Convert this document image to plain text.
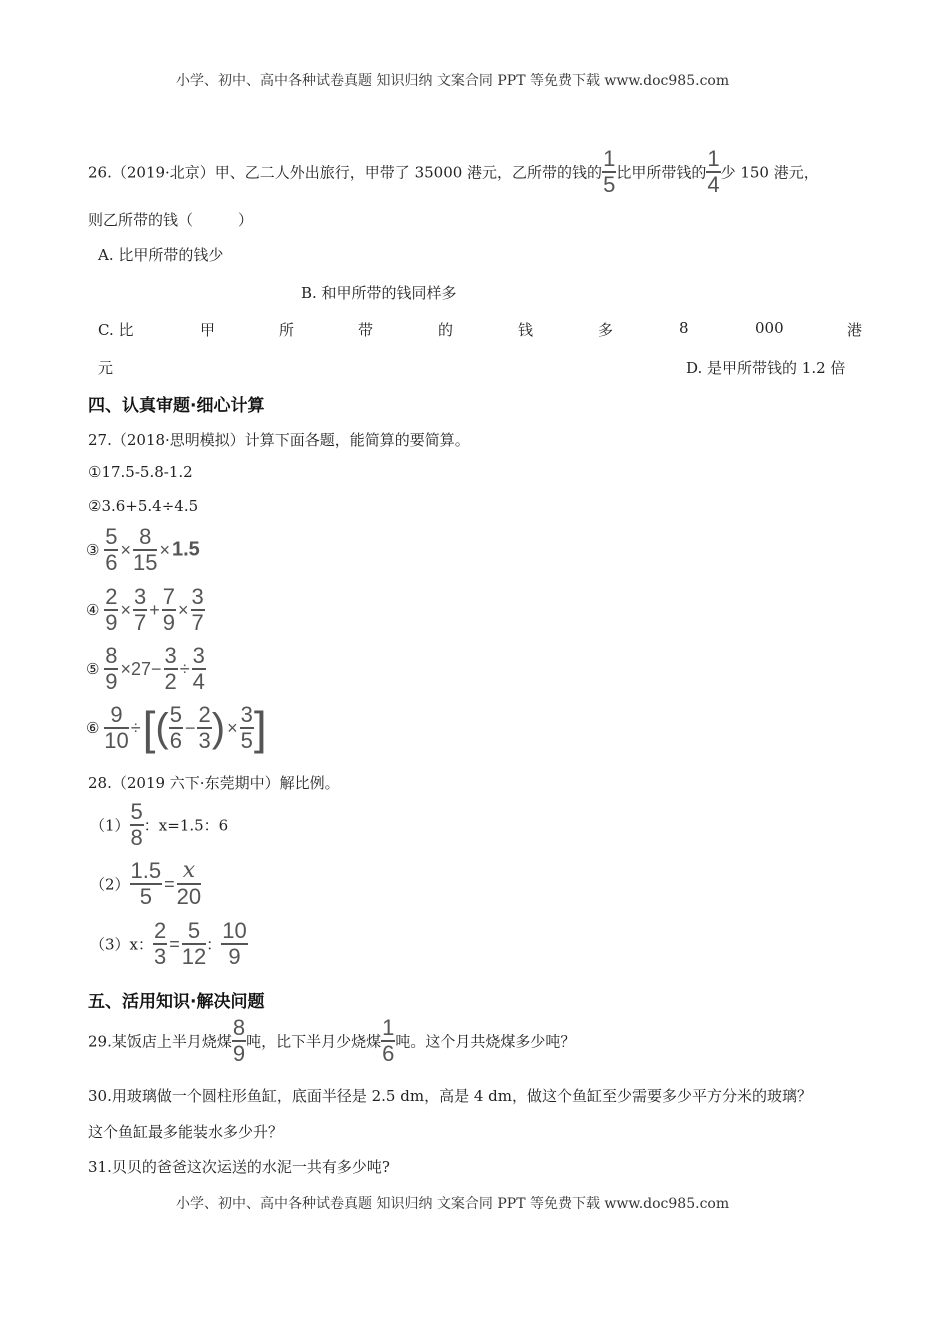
小学、初中、高中各种试卷真题 知识归纳 文案合同 PPT 等免费下载 www.doc985.com
26.（2019·北京）甲、乙二人外出旅行，甲带了 35000 港元，乙所带的钱的 $\frac{1}{5}$ 比甲所带钱的 $\frac{1}{4}$ 少 150 港元，
则乙所带的钱（　　　）
A. 比甲所带的钱少
B. 和甲所带的钱同样多
C. 比	甲	所	带	的	钱	多	8	000	港
元	D. 是甲所带钱的 1.2 倍
四、认真审题·细心计算
27.（2018·思明模拟）计算下面各题，能简算的要简算。
①17.5-5.8-1.2
②3.6+5.4÷4.5
③ $\frac{5}{6} \times \frac{8}{15} \times 1.5$
④ $\frac{2}{9} \times \frac{3}{7} + \frac{7}{9} \times \frac{3}{7}$
⑤ $\frac{8}{9} \times 27- \frac{3}{2} \div \frac{3}{4}$
⑥ $\frac{9}{10}$ ÷[( $\frac{5}{6} - \frac{2}{3}$ ) × $\frac{3}{5}$ ]
28.（2019 六下·东莞期中）解比例。
$(1) \frac{5}{8}$ ：x=1.5：6
$(2) \frac{1.5}{5} = \frac{x}{20}$
（3）x： $\frac{2}{3} = \frac{5}{12}$ ： $\frac{10}{9}$
五、活用知识·解决问题
29.某饭店上半月烧煤 $\frac{8}{9}$ 吨，比下半月少烧煤 $\frac{1}{6}$ 吨。这个月共烧煤多少吨？
30.用玻璃做一个圆柱形鱼缸，底面半径是 2.5 dm，高是 4 dm，做这个鱼缸至少需要多少平方分米的玻璃？
这个鱼缸最多能装水多少升？
31.贝贝的爸爸这次运送的水泥一共有多少吨?
小学、初中、高中各种试卷真题 知识归纳 文案合同 PPT 等免费下载 www.doc985.com
